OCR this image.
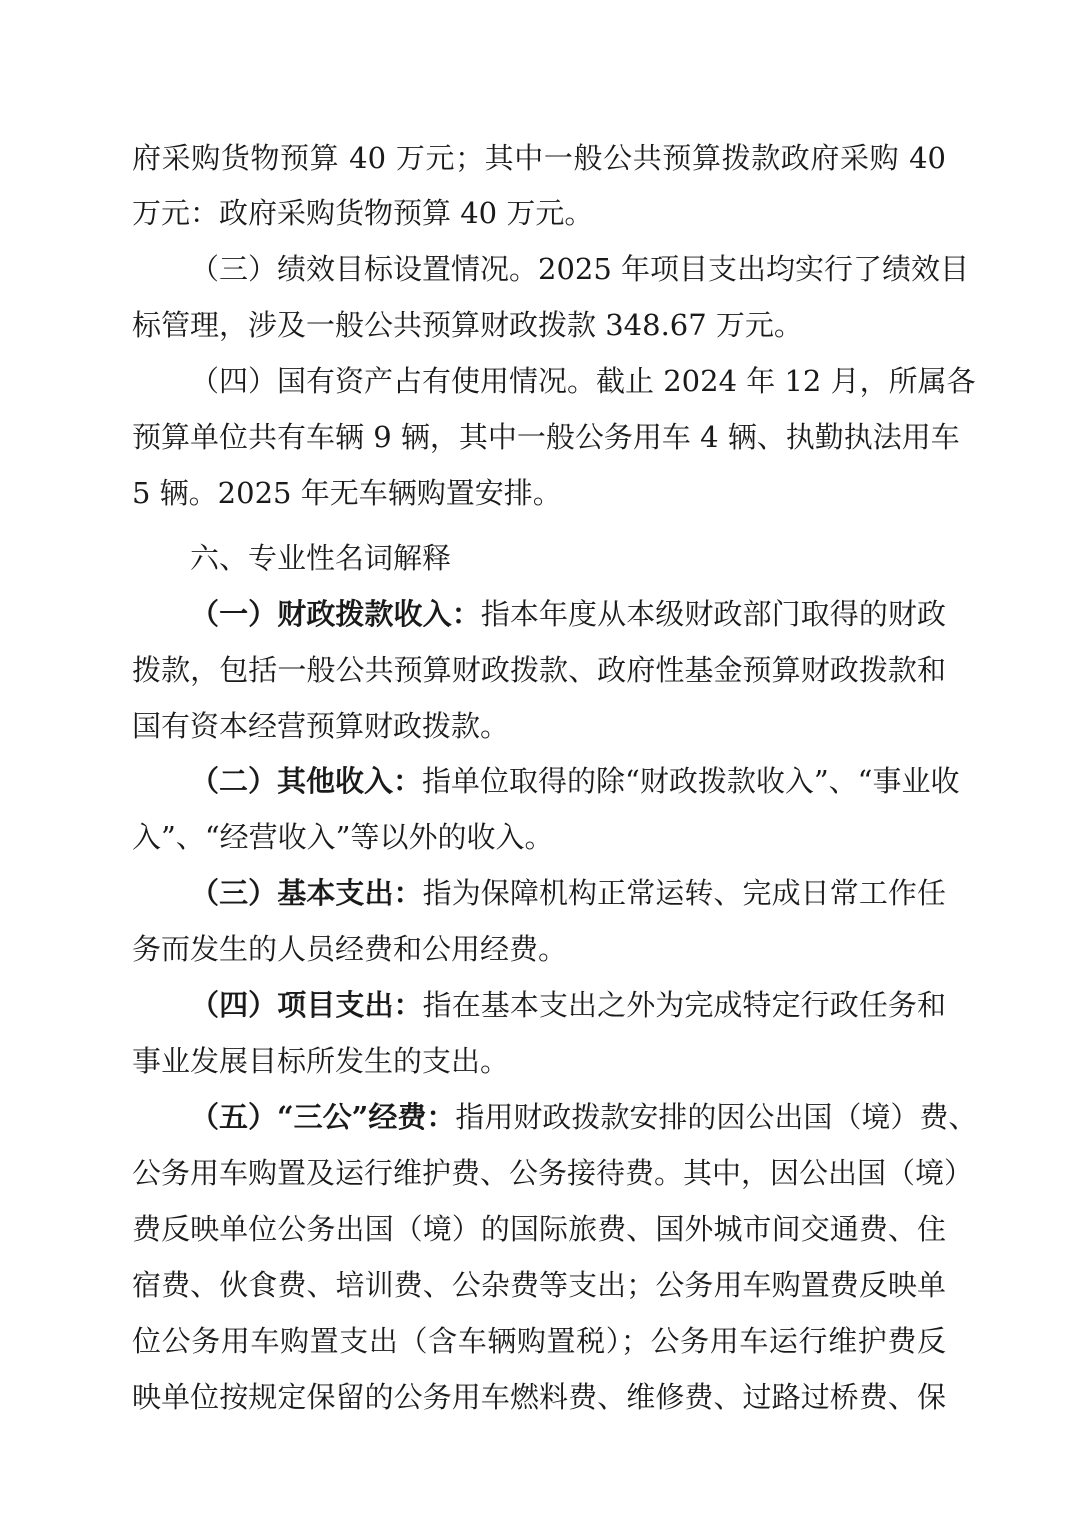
府采购货物预算 40 万元；其中一般公共预算拨款政府采购 40
万元：政府采购货物预算 40 万元。
（三）绩效目标设置情况。2025 年项目支出均实行了绩效目
标管理，涉及一般公共预算财政拨款 348.67 万元。
（四）国有资产占有使用情况。截止 2024 年 12 月，所属各
预算单位共有车辆 9 辆，其中一般公务用车 4 辆、执勤执法用车
5 辆。2025 年无车辆购置安排。
六、专业性名词解释
（一）财政拨款收入：指本年度从本级财政部门取得的财政
拨款，包括一般公共预算财政拨款、政府性基金预算财政拨款和
国有资本经营预算财政拨款。
（二）其他收入：指单位取得的除“财政拨款收入”、“事业收
入”、“经营收入”等以外的收入。
（三）基本支出：指为保障机构正常运转、完成日常工作任
务而发生的人员经费和公用经费。
（四）项目支出：指在基本支出之外为完成特定行政任务和
事业发展目标所发生的支出。
（五）“三公”经费：指用财政拨款安排的因公出国（境）费、
公务用车购置及运行维护费、公务接待费。其中，因公出国（境）
费反映单位公务出国（境）的国际旅费、国外城市间交通费、住
宿费、伙食费、培训费、公杂费等支出；公务用车购置费反映单
位公务用车购置支出（含车辆购置税）；公务用车运行维护费反
映单位按规定保留的公务用车燃料费、维修费、过路过桥费、保
